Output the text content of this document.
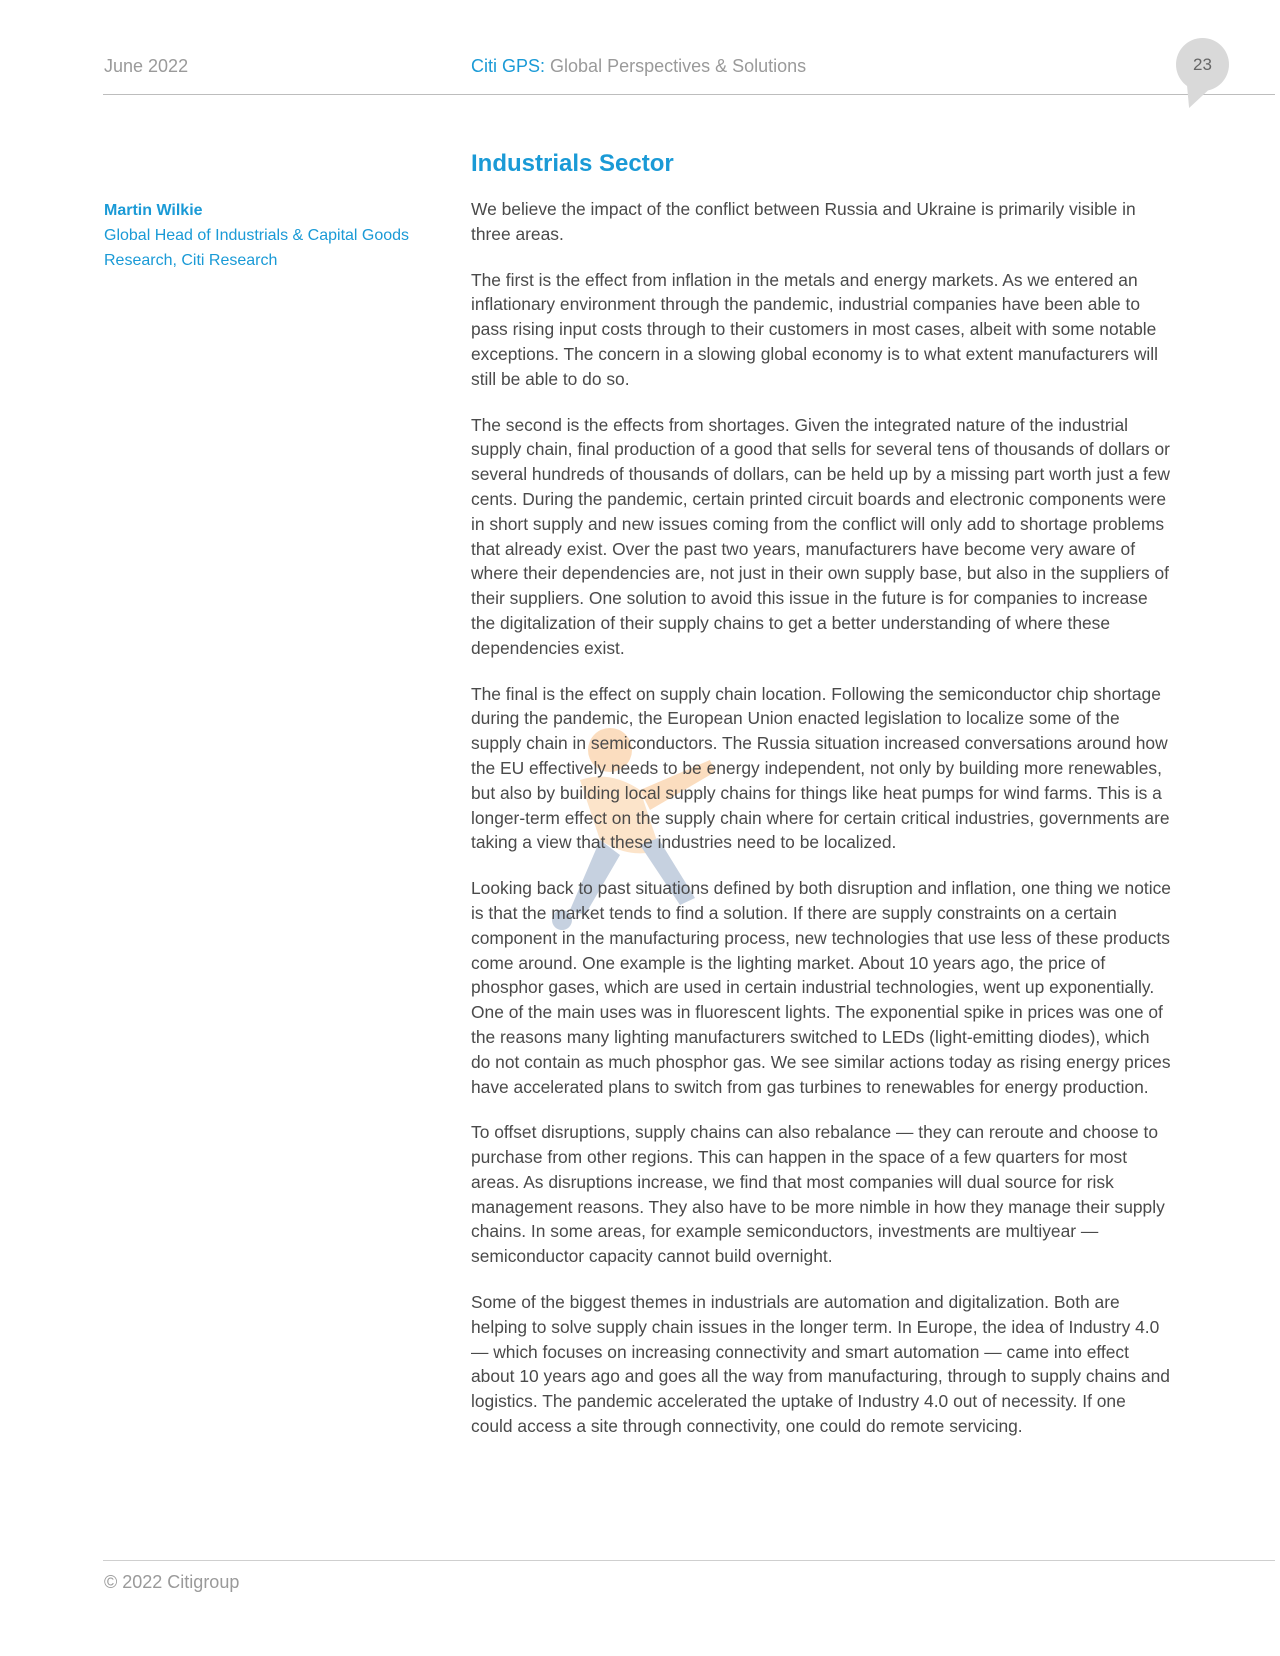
June 2022	Citi GPS: Global Perspectives & Solutions	23
Industrials Sector
Martin Wilkie
Global Head of Industrials & Capital Goods Research, Citi Research

We believe the impact of the conflict between Russia and Ukraine is primarily visible in three areas.

The first is the effect from inflation in the metals and energy markets. As we entered an inflationary environment through the pandemic, industrial companies have been able to pass rising input costs through to their customers in most cases, albeit with some notable exceptions. The concern in a slowing global economy is to what extent manufacturers will still be able to do so.

The second is the effects from shortages. Given the integrated nature of the industrial supply chain, final production of a good that sells for several tens of thousands of dollars or several hundreds of thousands of dollars, can be held up by a missing part worth just a few cents. During the pandemic, certain printed circuit boards and electronic components were in short supply and new issues coming from the conflict will only add to shortage problems that already exist. Over the past two years, manufacturers have become very aware of where their dependencies are, not just in their own supply base, but also in the suppliers of their suppliers. One solution to avoid this issue in the future is for companies to increase the digitalization of their supply chains to get a better understanding of where these dependencies exist.

The final is the effect on supply chain location. Following the semiconductor chip shortage during the pandemic, the European Union enacted legislation to localize some of the supply chain in semiconductors. The Russia situation increased conversations around how the EU effectively needs to be energy independent, not only by building more renewables, but also by building local supply chains for things like heat pumps for wind farms. This is a longer-term effect on the supply chain where for certain critical industries, governments are taking a view that these industries need to be localized.

Looking back to past situations defined by both disruption and inflation, one thing we notice is that the market tends to find a solution. If there are supply constraints on a certain component in the manufacturing process, new technologies that use less of these products come around. One example is the lighting market. About 10 years ago, the price of phosphor gases, which are used in certain industrial technologies, went up exponentially. One of the main uses was in fluorescent lights. The exponential spike in prices was one of the reasons many lighting manufacturers switched to LEDs (light-emitting diodes), which do not contain as much phosphor gas. We see similar actions today as rising energy prices have accelerated plans to switch from gas turbines to renewables for energy production.

To offset disruptions, supply chains can also rebalance — they can reroute and choose to purchase from other regions. This can happen in the space of a few quarters for most areas. As disruptions increase, we find that most companies will dual source for risk management reasons. They also have to be more nimble in how they manage their supply chains. In some areas, for example semiconductors, investments are multiyear — semiconductor capacity cannot build overnight.

Some of the biggest themes in industrials are automation and digitalization. Both are helping to solve supply chain issues in the longer term. In Europe, the idea of Industry 4.0 — which focuses on increasing connectivity and smart automation — came into effect about 10 years ago and goes all the way from manufacturing, through to supply chains and logistics. The pandemic accelerated the uptake of Industry 4.0 out of necessity. If one could access a site through connectivity, one could do remote servicing.

© 2022 Citigroup
